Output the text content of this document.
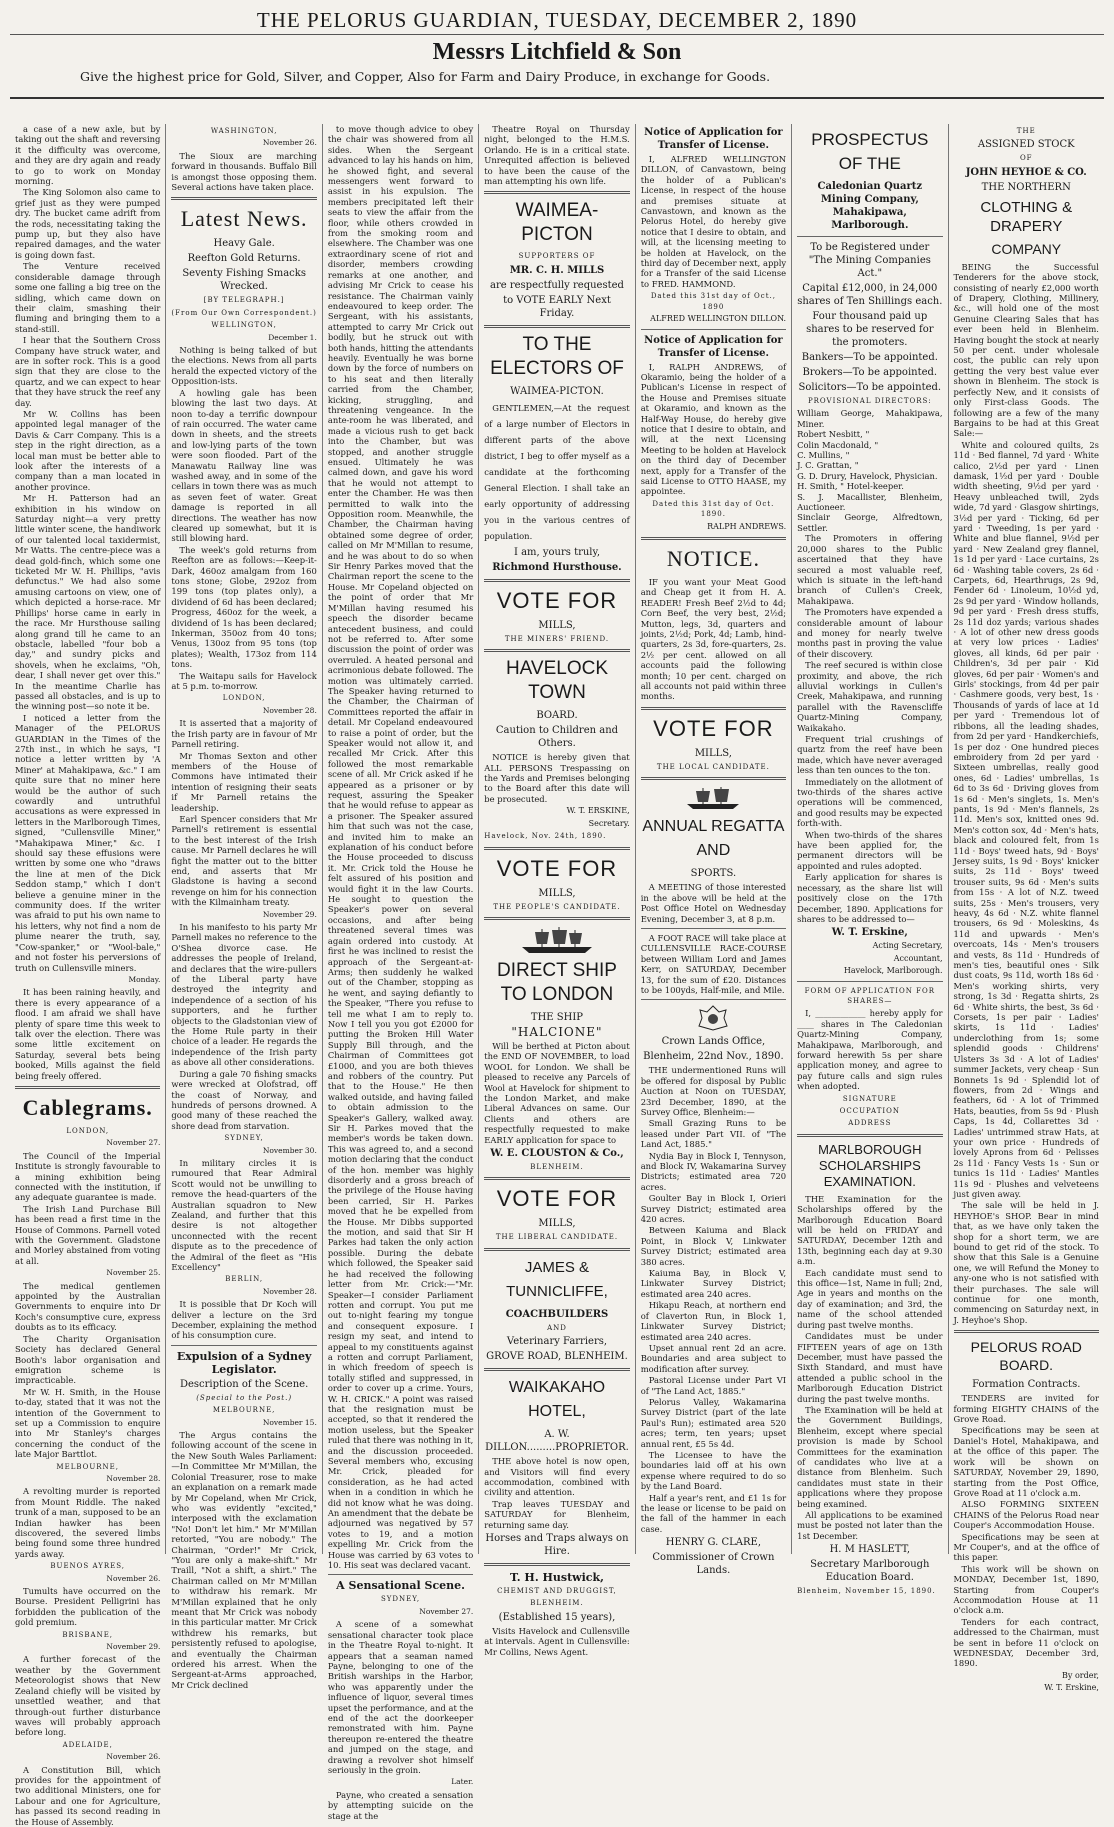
THE PELORUS GUARDIAN, TUESDAY, DECEMBER 2, 1890
Messrs Litchfield & Son
Give the highest price for Gold, Silver, and Copper, Also for Farm and Dairy Produce, in exchange for Goods.

a case of a new axle, but by taking out the shaft and reversing it the difficulty was overcome, and they are dry again and ready to go to work on Monday morning.

The King Solomon also came to grief just as they were pumped dry. The bucket came adrift from the rods, necessitating taking the pump up, but they also have repaired damages, and the water is going down fast.

The Venture received considerable damage through some one falling a big tree on the sidling, which came down on their claim, smashing their fluming and bringing them to a stand-still.

I hear that the Southern Cross Company have struck water, and are in softer rock. This is a good sign that they are close to the quartz, and we can expect to hear that they have struck the reef any day.

Mr W. Collins has been appointed legal manager of the Davis & Carr Company. This is a step in the right direction, as a local man must be better able to look after the interests of a company than a man located in another province.

Mr H. Patterson had an exhibition in his window on Saturday night—a very pretty little winter scene, the handiwork of our talented local taxidermist, Mr Watts. The centre-piece was a dead gold-finch, which some one ticketed Mr W. H. Phillips, "avis defunctus." We had also some amusing cartoons on view, one of which depicted a horse-race. Mr Phillips' horse came in early in the race. Mr Hursthouse sailing along grand till he came to an obstacle, labelled "four bob a day," and sundry picks and shovels, when he exclaims, "Oh, dear, I shall never get over this." In the meantime Charlie has passed all obstacles, and is up to the winning post—so note it be.

I noticed a letter from the Manager of the PELORUS GUARDIAN in the Times of the 27th inst., in which he says, "I notice a letter written by 'A Miner' at Mahakipawa, &c." I am quite sure that no miner here would be the author of such cowardly and untruthful accusations as were expressed in letters in the Marlborough Times, signed, "Cullensville Miner," "Mahakipawa Miner," &c. I should say these effusions were written by some one who "draws the line at men of the Dick Seddon stamp," which I don't believe a genuine miner in the community does. If the writer was afraid to put his own name to his letters, why not find a nom de plume nearer the truth, say, "Cow-spanker," or "Wool-bale," and not foster his perversions of truth on Cullensville miners.

Monday.

It has been raining heavily, and there is every appearance of a flood. I am afraid we shall have plenty of spare time this week to talk over the election. There was some little excitement on Saturday, several bets being booked, Mills against the field being freely offered.

Cablegrams.
LONDON,
November 27.

The Council of the Imperial Institute is strongly favourable to a mining exhibition being connected with the institution, if any adequate guarantee is made.

The Irish Land Purchase Bill has been read a first time in the House of Commons. Parnell voted with the Government. Gladstone and Morley abstained from voting at all.

November 25.

The medical gentlemen appointed by the Australian Governments to enquire into Dr Koch's consumptive cure, express doubts as to its efficacy.

The Charity Organisation Society has declared General Booth's labor organisation and emigration scheme is impracticable.

Mr W. H. Smith, in the House to-day, stated that it was not the intention of the Government to set up a Commission to enquire into Mr Stanley's charges concerning the conduct of the late Major Barttlot.

MELBOURNE,
November 28.

A revolting murder is reported from Mount Riddle. The naked trunk of a man, supposed to be an Indian hawker has been discovered, the severed limbs being found some three hundred yards away.

BUENOS AYRES,
November 26.

Tumults have occurred on the Bourse. President Pelligrini has forbidden the publication of the gold premium.

BRISBANE,
November 29.

A further forecast of the weather by the Government Meteorologist shows that New Zealand chiefly will be visited by unsettled weather, and that through-out further disturbance waves will probably approach before long.

ADELAIDE,
November 26.

A Constitution Bill, which provides for the appointment of two additional Ministers, one for Labour and one for Agriculture, has passed its second reading in the House of Assembly.

WASHINGTON,
November 26.

The Sioux are marching forward in thousands. Buffalo Bill is amongst those opposing them. Several actions have taken place.

Latest News.
Heavy Gale.
Reefton Gold Returns.
Seventy Fishing Smacks Wrecked.
[BY TELEGRAPH.]
(From Our Own Correspondent.)
WELLINGTON,
December 1.

Nothing is being talked of but the elections. News from all parts herald the expected victory of the Opposition-ists.

A howling gale has been blowing the last two days. At noon to-day a terrific downpour of rain occurred. The water came down in sheets, and the streets and low-lying parts of the town were soon flooded. Part of the Manawatu Railway line was washed away, and in some of the cellars in town there was as much as seven feet of water. Great damage is reported in all directions. The weather has now cleared up somewhat, but it is still blowing hard.

The week's gold returns from Reefton are as follows:—Keep-it-Dark, 460oz amalgam from 160 tons stone; Globe, 292oz from 199 tons (top plates only), a dividend of 6d has been declared; Progress, 460oz for the week, a dividend of 1s has been declared; Inkerman, 350oz from 40 tons; Venus, 130oz from 95 tons (top plates); Wealth, 173oz from 114 tons.

The Waitapu sails for Havelock at 5 p.m. to-morrow.

LONDON,
November 28.

It is asserted that a majority of the Irish party are in favour of Mr Parnell retiring.

Mr Thomas Sexton and other members of the House of Commons have intimated their intention of resigning their seats if Mr Parnell retains the leadership.

Earl Spencer considers that Mr Parnell's retirement is essential to the best interest of the Irish cause. Mr Parnell declares he will fight the matter out to the bitter end, and asserts that Mr Gladstone is having a second revenge on him for his connection with the Kilmainham treaty.

November 29.

In his manifesto to his party Mr Parnell makes no reference to the O'Shea divorce case. He addresses the people of Ireland, and declares that the wire-pullers of the Liberal party have destroyed the integrity and independence of a section of his supporters, and he further objects to the Gladstonian view of the Home Rule party in their choice of a leader. He regards the independence of the Irish party as above all other considerations.

During a gale 70 fishing smacks were wrecked at Olofstrad, off the coast of Norway, and hundreds of persons drowned. A good many of these reached the shore dead from starvation.

SYDNEY,
November 30.

In military circles it is rumoured that Rear Admiral Scott would not be unwilling to remove the head-quarters of the Australian squadron to New Zealand, and further that this desire is not altogether unconnected with the recent dispute as to the precedence of the Admiral of the fleet as "His Excellency"

BERLIN,
November 28.

It is possible that Dr Koch will deliver a lecture on the 3rd December, explaining the method of his consumption cure.

Expulsion of a Sydney Legislator.
Description of the Scene.
(Special to the Post.)
MELBOURNE,
November 15.

The Argus contains the following account of the scene in the New South Wales Parliament:—In Committee Mr M'Millan, the Colonial Treasurer, rose to make an explanation on a remark made by Mr Copeland, when Mr Crick, who was evidently "excited," interposed with the exclamation "No! Don't let him." Mr M'Millan retorted, "You are nobody." The Chairman, "Order!" Mr Crick, "You are only a make-shift." Mr Traill, "Not a shift, a shirt." The Chairman called on Mr M'Millan to withdraw his remark. Mr M'Millan explained that he only meant that Mr Crick was nobody in this particular matter. Mr Crick withdrew his remarks, but persistently refused to apologise, and eventually the Chairman ordered his arrest. When the Sergeant-at-Arms approached, Mr Crick declined

to move though advice to obey the chair was showered from all sides. When the Sergeant advanced to lay his hands on him, he showed fight, and several messengers went forward to assist in his expulsion. The members precipitated left their seats to view the affair from the floor, while others crowded in from the smoking room and elsewhere. The Chamber was one extraordinary scene of riot and disorder, members crowding remarks at one another, and advising Mr Crick to cease his resistance. The Chairman vainly endeavoured to keep order. The Sergeant, with his assistants, attempted to carry Mr Crick out bodily, but he struck out with both hands, hitting the attendants heavily. Eventually he was borne down by the force of numbers on to his seat and then literally carried from the Chamber, kicking, struggling, and threatening vengeance. In the ante-room he was liberated, and made a vicious rush to get back into the Chamber, but was stopped, and another struggle ensued. Ultimately he was calmed down, and gave his word that he would not attempt to enter the Chamber. He was then permitted to walk into the Opposition room. Meanwhile, the Chamber, the Chairman having obtained some degree of order, called on Mr M'Millan to resume, and he was about to do so when Sir Henry Parkes moved that the Chairman report the scene to the House. Mr Copeland objected on the point of order that Mr M'Millan having resumed his speech the disorder became antecedent business, and could not be referred to. After some discussion the point of order was overruled. A heated personal and acrimonious debate followed. The motion was ultimately carried. The Speaker having returned to the Chamber, the Chairman of Committees reported the affair in detail. Mr Copeland endeavoured to raise a point of order, but the Speaker would not allow it, and recalled Mr Crick. After this followed the most remarkable scene of all. Mr Crick asked if he appeared as a prisoner or by request, assuring the Speaker that he would refuse to appear as a prisoner. The Speaker assured him that such was not the case, and invited him to make an explanation of his conduct before the House proceeded to discuss it. Mr. Crick told the House he felt assured of his position and would fight it in the law Courts. He sought to question the Speaker's power on several occasions, and after being threatened several times was again ordered into custody. At first he was inclined to resist the approach of the Sergeant-at-Arms; then suddenly he walked out of the Chamber, stopping as he went, and saying defiantly to the Speaker, "There you refuse to tell me what I am to reply to. Now I tell you you got £2000 for putting the Broken Hill Water Supply Bill through, and the Chairman of Committees got £1000, and you are both thieves and robbers of the country. Put that to the House." He then walked outside, and having failed to obtain admission to the Speaker's Gallery, walked away. Sir H. Parkes moved that the member's words be taken down. This was agreed to, and a second motion declaring that the conduct of the hon. member was highly disorderly and a gross breach of the privilege of the House having been carried, Sir H. Parkes moved that he be expelled from the House. Mr Dibbs supported the motion, and said that Sir H Parkes had taken the only action possible. During the debate which followed, the Speaker said he had received the following letter from Mr. Crick:—"Mr. Speaker—I consider Parliament rotten and corrupt. You put me out to-night fearing my tongue and consequent exposure. I resign my seat, and intend to appeal to my constituents against a rotten and corrupt Parliament, in which freedom of speech is totally stifled and suppressed, in order to cover up a crime. Yours, W. H. CRICK." A point was raised that the resignation must be accepted, so that it rendered the motion useless, but the Speaker ruled that there was nothing in it, and the discussion proceeded. Several members who, excusing Mr. Crick, pleaded for consideration, as he had acted when in a condition in which he did not know what he was doing. An amendment that the debate be adjourned was negatived by 57 votes to 19, and a motion expelling Mr. Crick from the House was carried by 63 votes to 10. His seat was declared vacant.

A Sensational Scene.
SYDNEY,
November 27.

A scene of a somewhat sensational character took place in the Theatre Royal to-night. It appears that a seaman named Payne, belonging to one of the British warships in the Harbor, who was apparently under the influence of liquor, several times upset the performance, and at the end of the act the doorkeeper remonstrated with him. Payne thereupon re-entered the theatre and jumped on the stage, and drawing a revolver shot himself seriously in the groin.

Later.

Payne, who created a sensation by attempting suicide on the stage at the

Theatre Royal on Thursday night, belonged to the H.M.S. Orlando. He is in a critical state. Unrequited affection is believed to have been the cause of the man attempting his own life.

WAIMEA-PICTON
SUPPORTERS OF
MR. C. H. MILLS
are respectfully requested
to VOTE EARLY Next Friday.
TO THE ELECTORS OF
WAIMEA-PICTON.

GENTLEMEN,—At the request of a large number of Electors in different parts of the above district, I beg to offer myself as a candidate at the forthcoming General Election. I shall take an early opportunity of addressing you in the various centres of population.

I am, yours truly,
Richmond Hursthouse.
VOTE FOR
MILLS,
THE MINERS' FRIEND.
HAVELOCK TOWN
BOARD.
Caution to Children and Others.

NOTICE is hereby given that ALL PERSONS Trespassing on the Yards and Premises belonging to the Board after this date will be prosecuted.

W. T. ERSKINE,
Secretary.
Havelock, Nov. 24th, 1890.
VOTE FOR
MILLS,
THE PEOPLE'S CANDIDATE.
DIRECT SHIP TO LONDON
THE SHIP
"HALCIONE"

Will be berthed at Picton about the END OF NOVEMBER, to load WOOL for London. We shall be pleased to receive any Parcels of Wool at Havelock for shipment to the London Market, and make Liberal Advances on same. Our Clients and others are respectfully requested to make EARLY application for space to

W. E. CLOUSTON & Co.,
BLENHEIM.
VOTE FOR
MILLS,
THE LIBERAL CANDIDATE.
JAMES & TUNNICLIFFE,
COACHBUILDERS
AND
Veterinary Farriers,
GROVE ROAD, BLENHEIM.
WAIKAKAHO HOTEL,
A. W. DILLON.........PROPRIETOR.

THE above hotel is now open, and Visitors will find every accommodation, combined with civility and attention.

Trap leaves TUESDAY and SATURDAY for Blenheim, returning same day.

Horses and Traps always on Hire.
T. H. Hustwick,
CHEMIST AND DRUGGIST,
BLENHEIM.
(Established 15 years),

Visits Havelock and Cullensville at intervals. Agent in Cullensville: Mr Collins, News Agent.

Notice of Application for Transfer of License.

I, ALFRED WELLINGTON DILLON, of Canvastown, being the holder of a Publican's License, in respect of the house and premises situate at Canvastown, and known as the Pelorus Hotel, do hereby give notice that I desire to obtain, and will, at the licensing meeting to be holden at Havelock, on the third day of December next, apply for a Transfer of the said License to FRED. HAMMOND.

Dated this 31st day of Oct., 1890
ALFRED WELLINGTON DILLON.
Notice of Application for Transfer of License.

I, RALPH ANDREWS, of Okaramio, being the holder of a Publican's License in respect of the House and Premises situate at Okaramio, and known as the Half-Way House, do hereby give notice that I desire to obtain, and will, at the next Licensing Meeting to be holden at Havelock on the third day of December next, apply for a Transfer of the said License to OTTO HAASE, my appointee.

Dated this 31st day of Oct. 1890.
RALPH ANDREWS.
NOTICE.

IF you want your Meat Good and Cheap get it from H. A. READER! Fresh Beef 2½d to 4d; Corn Beef, the very best, 2½d; Mutton, legs, 3d, quarters and joints, 2½d; Pork, 4d; Lamb, hind-quarters, 2s 3d, fore-quarters, 2s. 2½ per cent. allowed on all accounts paid the following month; 10 per cent. charged on all accounts not paid within three months.

VOTE FOR
MILLS,
THE LOCAL CANDIDATE.
ANNUAL REGATTA AND
SPORTS.

A MEETING of those interested in the above will be held at the Post Office Hotel on Wednesday Evening, December 3, at 8 p.m.

A FOOT RACE will take place at CULLENSVILLE RACE-COURSE between William Lord and James Kerr, on SATURDAY, December 13, for the sum of £20. Distances to be 100yds, Half-mile, and Mile.

Crown Lands Office,
Blenheim, 22nd Nov., 1890.

THE undermentioned Runs will be offered for disposal by Public Auction at Noon on TUESDAY, 23rd December, 1890, at the Survey Office, Blenheim:—

Small Grazing Runs to be leased under Part VII. of "The Land Act, 1885."

Nydia Bay in Block I, Tennyson, and Block IV, Wakamarina Survey Districts; estimated area 720 acres.

Goulter Bay in Block I, Orieri Survey District; estimated area 420 acres.

Between Kaiuma and Black Point, in Block V, Linkwater Survey District; estimated area 380 acres.

Kaiuma Bay, in Block V, Linkwater Survey District; estimated area 240 acres.

Hikapu Reach, at northern end of Claverton Run, in Block 1, Linkwater Survey District; estimated area 240 acres.

Upset annual rent 2d an acre. Boundaries and area subject to modification after survey.

Pastoral License under Part VI of "The Land Act, 1885."

Pelorus Valley, Wakamarina Survey District (part of the late Paul's Run); estimated area 520 acres; term, ten years; upset annual rent, £5 5s 4d.

The Licensee to have the boundaries laid off at his own expense where required to do so by the Land Board.

Half a year's rent, and £1 1s for the lease or license to be paid on the fall of the hammer in each case.

HENRY G. CLARE,
Commissioner of Crown Lands.
PROSPECTUS OF THE
Caledonian Quartz Mining Company, Mahakipawa, Marlborough.
To be Registered under "The Mining Companies Act."
Capital £12,000, in 24,000 shares of Ten Shillings each.
Four thousand paid up shares to be reserved for the promoters.
Bankers—To be appointed.
Brokers—To be appointed.
Solicitors—To be appointed.
PROVISIONAL DIRECTORS:
William George, Mahakipawa, Miner.
Robert Nesbitt, "
Colin Macdonald, "
C. Mullins, "
J. C. Grattan, "
G. D. Drury, Havelock, Physician.
H. Smith, " Hotel-keeper.
S. J. Macallister, Blenheim, Auctioneer.
Sinclair George, Alfredtown, Settler.

The Promoters in offering 20,000 shares to the Public ascertained that they have secured a most valuable reef, which is situate in the left-hand branch of Cullen's Creek, Mahakipawa.

The Promoters have expended a considerable amount of labour and money for nearly twelve months past in proving the value of their discovery.

The reef secured is within close proximity, and above, the rich alluvial workings in Cullen's Creek, Mahakipawa, and running parallel with the Ravenscliffe Quartz-Mining Company, Waikakaho.

Frequent trial crushings of quartz from the reef have been made, which have never averaged less than ten ounces to the ton.

Immediately on the allotment of two-thirds of the shares active operations will be commenced, and good results may be expected forth-with.

When two-thirds of the shares have been applied for, the permanent directors will be appointed and rules adopted.

Early application for shares is necessary, as the share list will positively close on the 17th December, 1890. Applications for shares to be addressed to—

W. T. Erskine,
Acting Secretary,
Accountant,
Havelock, Marlborough.
FORM OF APPLICATION FOR SHARES—

I, ____________ hereby apply for ____ shares in The Caledonian Quartz-Mining Company, Mahakipawa, Marlborough, and forward herewith 5s per share application money, and agree to pay future calls and sign rules when adopted.

SIGNATURE
OCCUPATION
ADDRESS
MARLBOROUGH SCHOLARSHIPS EXAMINATION.

THE Examination for the Scholarships offered by the Marlborough Education Board will be held on FRIDAY and SATURDAY, December 12th and 13th, beginning each day at 9.30 a.m.

Each candidate must send to this office—1st, Name in full; 2nd, Age in years and months on the day of examination; and 3rd, the name of the school attended during past twelve months.

Candidates must be under FIFTEEN years of age on 13th December, must have passed the Sixth Standard, and must have attended a public school in the Marlborough Education District during the past twelve months.

The Examination will be held at the Government Buildings, Blenheim, except where special provision is made by School Committees for the examination of candidates who live at a distance from Blenheim. Such candidates must state in their applications where they propose being examined.

All applications to be examined must be posted not later than the 1st December.

H. M HASLETT,
Secretary Marlborough Education Board.
Blenheim, November 15, 1890.
THE
ASSIGNED STOCK
OF
JOHN HEYHOE & CO.
THE NORTHERN
CLOTHING & DRAPERY
COMPANY

BEING the Successful Tenderers for the above stock, consisting of nearly £2,000 worth of Drapery, Clothing, Millinery, &c., will hold one of the most Genuine Clearing Sales that has ever been held in Blenheim. Having bought the stock at nearly 50 per cent. under wholesale cost, the public can rely upon getting the very best value ever shown in Blenheim. The stock is perfectly New, and it consists of only First-class Goods. The following are a few of the many Bargains to be had at this Great Sale:—

White and coloured quilts, 2s 11d · Bed flannel, 7d yard · White calico, 2½d per yard · Linen damask, 1½d per yard · Double width sheeting, 9½d per yard · Heavy unbleached twill, 2yds wide, 7d yard · Glasgow shirtings, 3½d per yard · Ticking, 6d per yard · Tweeding, 1s per yard · White and blue flannel, 9½d per yard · New Zealand grey flannel, 1s 1d per yard · Lace curtains, 2s 6d · Washing table covers, 2s 6d · Carpets, 6d, Hearthrugs, 2s 9d, Fender 6d · Linoleum, 10½d yd, 2s 9d per yard · Window hollands, 9d per yard · Fresh dress stuffs, 2s 11d doz yards; various shades · A lot of other new dress goods at very low prices · Ladies' gloves, all kinds, 6d per pair · Children's, 3d per pair · Kid gloves, 6d per pair · Women's and Girls' stockings, from 4d per pair · Cashmere goods, very best, 1s · Thousands of yards of lace at 1d per yard · Tremendous lot of ribbons, all the leading shades, from 2d per yard · Handkerchiefs, 1s per doz · One hundred pieces embroidery from 2d per yard · Sixteen umbrellas, really good ones, 6d · Ladies' umbrellas, 1s 6d to 3s 6d · Driving gloves from 1s 6d · Men's singlets, 1s. Men's pants, 1s 9d · Men's flannels, 2s 11d. Men's sox, knitted ones 9d. Men's cotton sox, 4d · Men's hats, black and coloured felt, from 1s 11d · Boys' tweed hats, 9d · Boys' Jersey suits, 1s 9d · Boys' knicker suits, 2s 11d · Boys' tweed trouser suits, 9s 6d · Men's suits from 15s · A lot of N.Z. tweed suits, 25s · Men's trousers, very heavy, 4s 6d · N.Z. white flannel trousers, 6s 9d · Moleskins, 4s 11d and upwards · Men's overcoats, 14s · Men's trousers and vests, 8s 11d · Hundreds of men's ties, beautiful ones · Silk dust coats, 9s 11d, worth 18s 6d · Men's working shirts, very strong, 1s 3d · Regatta shirts, 2s 6d · White shirts, the best, 3s 6d · Corsets, 1s per pair · Ladies' skirts, 1s 11d · Ladies' underclothing from 1s; some splendid goods · Childrens' Ulsters 3s 3d · A lot of Ladies' summer Jackets, very cheap · Sun Bonnets 1s 9d · Splendid lot of flowers, from 2d · Wings and feathers, 6d · A lot of Trimmed Hats, beauties, from 5s 9d · Plush Caps, 1s 4d, Collarettes 3d · Ladies' untrimmed straw Hats, at your own price · Hundreds of lovely Aprons from 6d · Pelisses 2s 11d · Fancy Vests 1s · Sun or tunics 1s 11d · Ladies' Mantles 11s 9d · Plushes and velveteens just given away.

The sale will be held in J. HEYHOE's SHOP. Bear in mind that, as we have only taken the shop for a short term, we are bound to get rid of the stock. To show that this Sale is a Genuine one, we will Refund the Money to any-one who is not satisfied with their purchases. The sale will continue for one month, commencing on Saturday next, in J. Heyhoe's Shop.

PELORUS ROAD BOARD.
Formation Contracts.

TENDERS are invited for forming EIGHTY CHAINS of the Grove Road.

Specifications may be seen at Daniel's Hotel, Mahakipawa, and at the office of this paper. The work will be shown on SATURDAY, November 29, 1890, starting from the Post Office, Grove Road at 11 o'clock a.m.

ALSO FORMING SIXTEEN CHAINS of the Pelorus Road near Couper's Accommodation House.

Specifications may be seen at Mr Couper's, and at the office of this paper.

This work will be shown on MONDAY, December 1st, 1890, Starting from Couper's Accommodation House at 11 o'clock a.m.

Tenders for each contract, addressed to the Chairman, must be sent in before 11 o'clock on WEDNESDAY, December 3rd, 1890.

By order,
W. T. Erskine,
